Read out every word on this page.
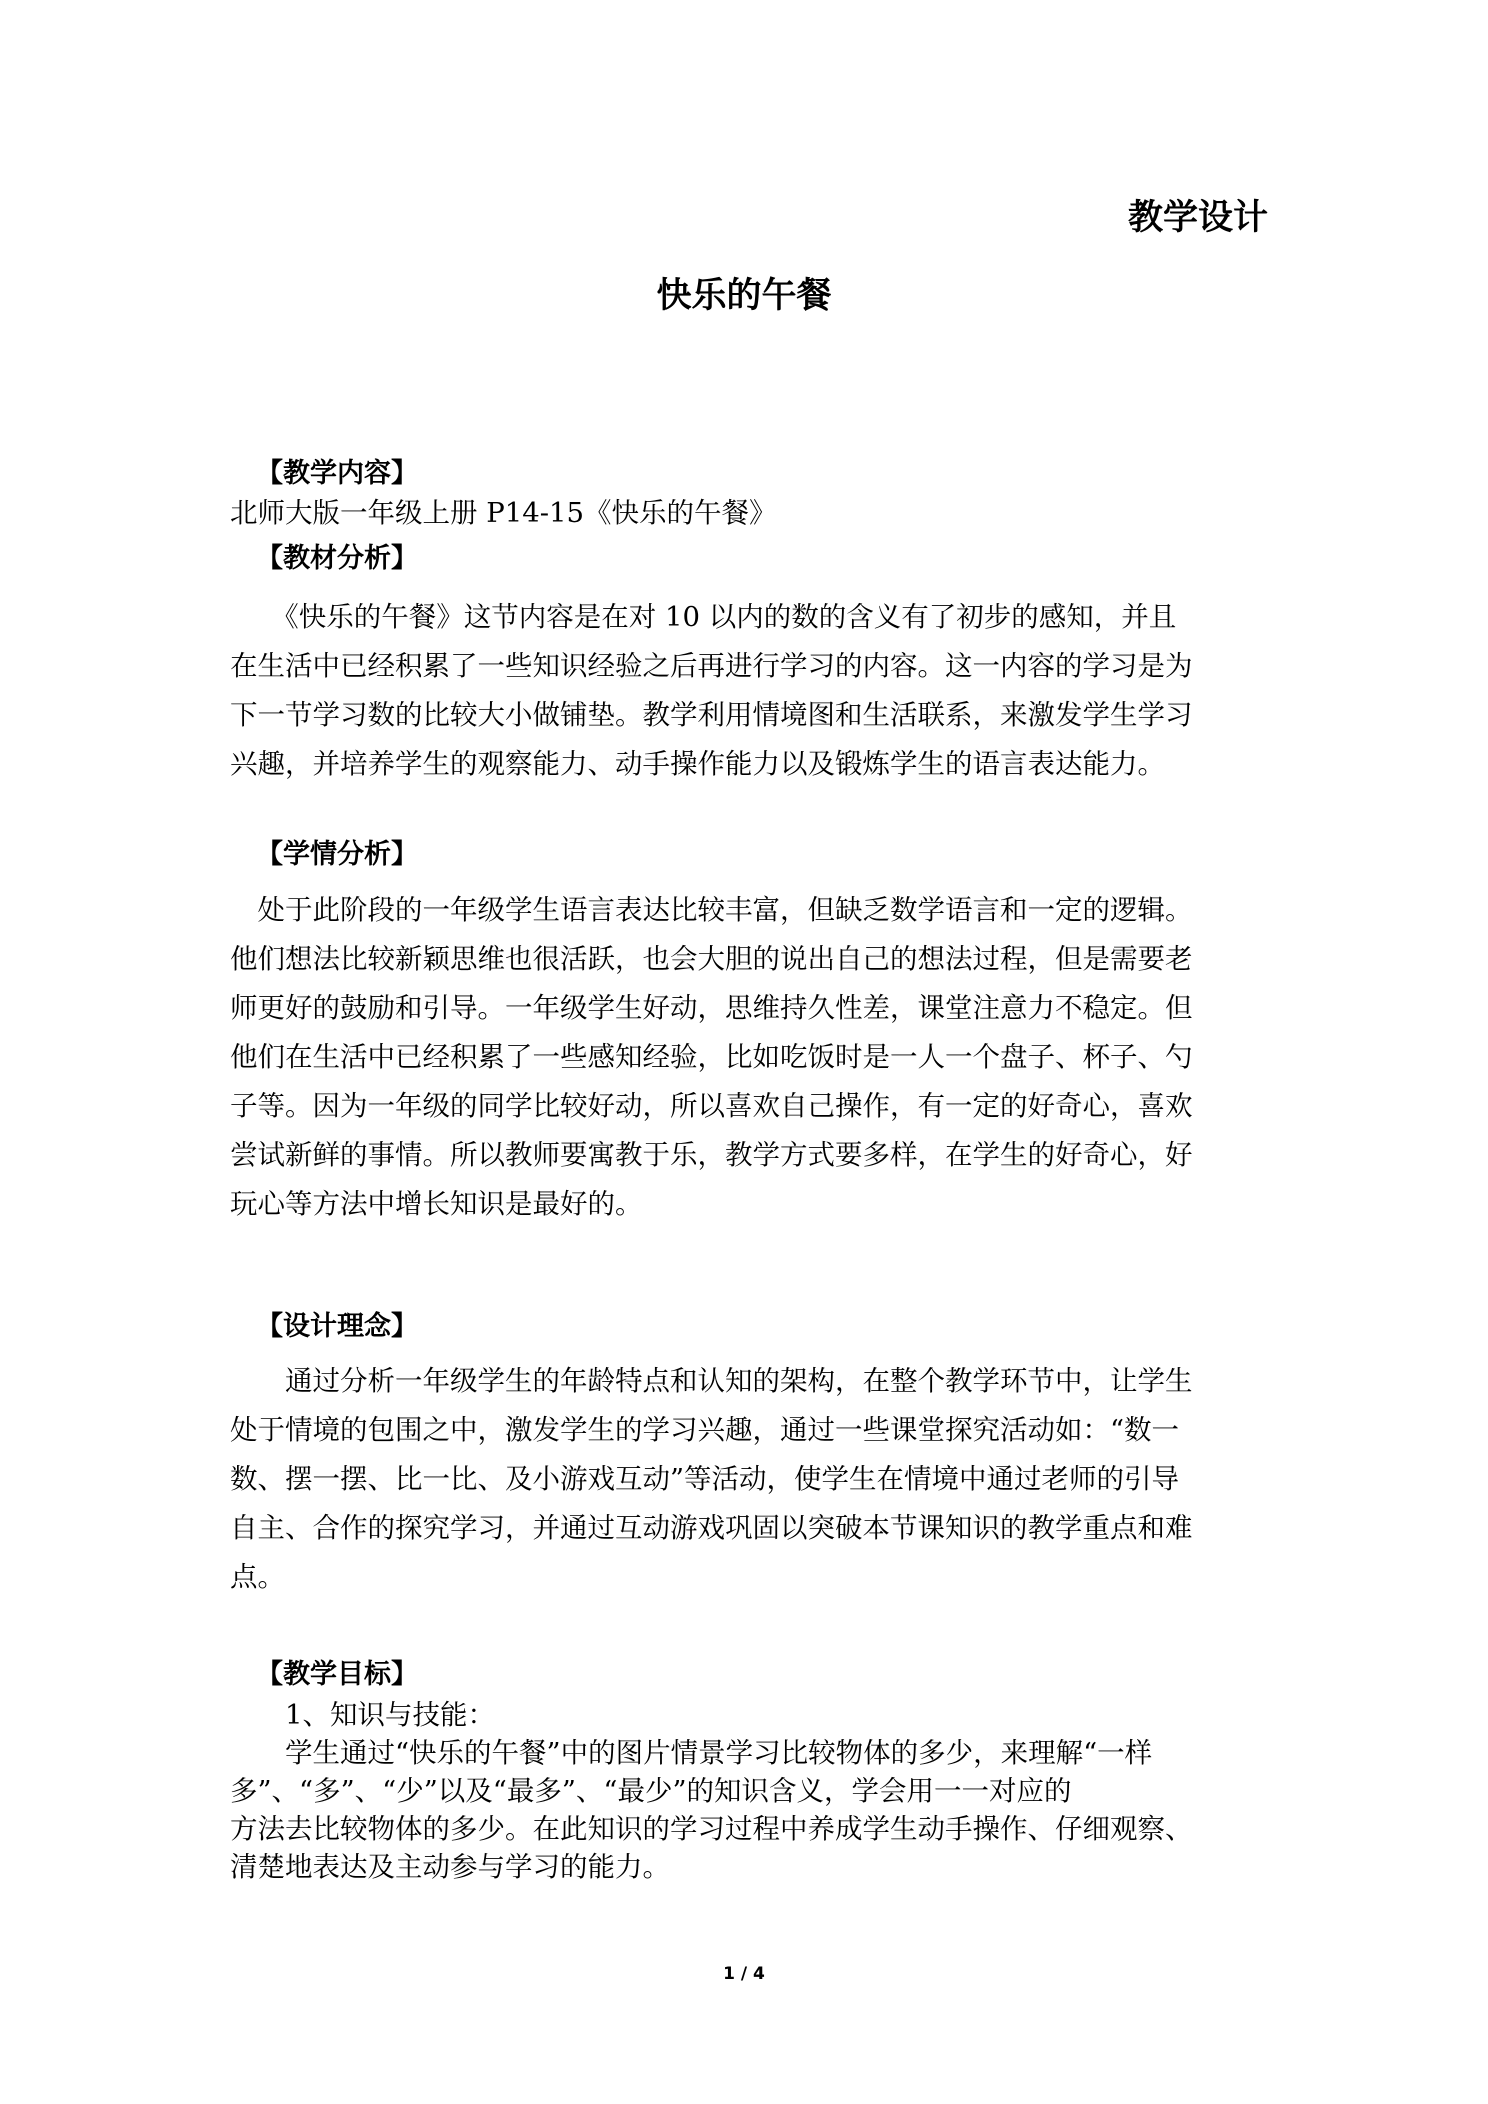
教学设计
快乐的午餐
【教学内容】
北师大版一年级上册 P14-15《快乐的午餐》
【教材分析】
　　《快乐的午餐》这节内容是在对 10 以内的数的含义有了初步的感知，并且
在生活中已经积累了一些知识经验之后再进行学习的内容。这一内容的学习是为
下一节学习数的比较大小做铺垫。教学利用情境图和生活联系，来激发学生学习
兴趣，并培养学生的观察能力、动手操作能力以及锻炼学生的语言表达能力。
【学情分析】
　处于此阶段的一年级学生语言表达比较丰富，但缺乏数学语言和一定的逻辑。
他们想法比较新颖思维也很活跃，也会大胆的说出自己的想法过程，但是需要老
师更好的鼓励和引导。一年级学生好动，思维持久性差，课堂注意力不稳定。但
他们在生活中已经积累了一些感知经验，比如吃饭时是一人一个盘子、杯子、勺
子等。因为一年级的同学比较好动，所以喜欢自己操作，有一定的好奇心，喜欢
尝试新鲜的事情。所以教师要寓教于乐，教学方式要多样，在学生的好奇心，好
玩心等方法中增长知识是最好的。
【设计理念】
　　通过分析一年级学生的年龄特点和认知的架构，在整个教学环节中，让学生
处于情境的包围之中，激发学生的学习兴趣，通过一些课堂探究活动如：“数一
数、摆一摆、比一比、及小游戏互动”等活动，使学生在情境中通过老师的引导
自主、合作的探究学习，并通过互动游戏巩固以突破本节课知识的教学重点和难
点。
【教学目标】
　　1、知识与技能：
　　学生通过“快乐的午餐”中的图片情景学习比较物体的多少，来理解“一样
多”、“多”、“少”以及“最多”、“最少”的知识含义，学会用一一对应的
方法去比较物体的多少。在此知识的学习过程中养成学生动手操作、仔细观察、
清楚地表达及主动参与学习的能力。
1 / 4
